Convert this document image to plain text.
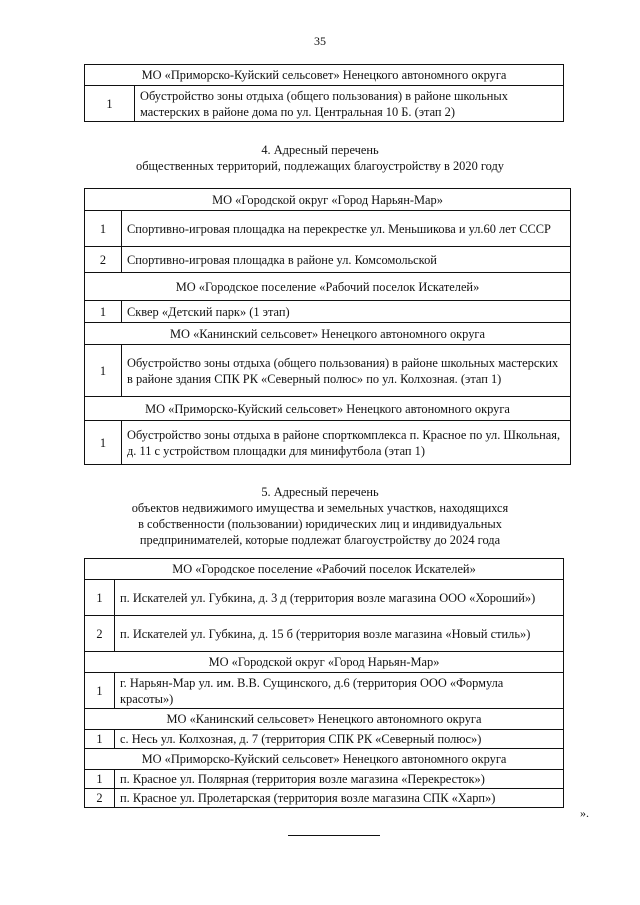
35
МО «Приморско-Куйский сельсовет» Ненецкого автономного округа
1	Обустройство зоны отдыха (общего пользования) в районе школьных мастерских в районе дома по ул. Центральная 10 Б. (этап 2)
4. Адресный перечень
общественных территорий, подлежащих благоустройству в 2020 году
МО «Городской округ «Город Нарьян-Мар»	
1	Спортивно-игровая площадка на перекрестке ул. Меньшикова и ул.60 лет СССР
2	Спортивно-игровая площадка в районе ул. Комсомольской
МО «Городское поселение «Рабочий поселок Искателей»	
1	Сквер «Детский парк» (1 этап)
МО «Канинский сельсовет» Ненецкого автономного округа	
1	Обустройство зоны отдыха (общего пользования) в районе школьных мастерских в районе здания СПК РК «Северный полюс» по ул. Колхозная. (этап 1)
МО «Приморско-Куйский сельсовет» Ненецкого автономного округа	
1	Обустройство зоны отдыха в районе спорткомплекса п. Красное по ул. Школьная, д. 11 с устройством площадки для минифутбола (этап 1)
5. Адресный перечень
объектов недвижимого имущества и земельных участков, находящихся
в собственности (пользовании) юридических лиц и индивидуальных
предпринимателей, которые подлежат благоустройству до 2024 года
МО «Городское поселение «Рабочий поселок Искателей»	
1	п. Искателей ул. Губкина, д. 3 д (территория возле магазина ООО «Хороший»)
2	п. Искателей ул. Губкина, д. 15 б (территория возле магазина «Новый стиль»)
МО «Городской округ «Город Нарьян-Мар»	
1	г. Нарьян-Мар ул. им. В.В. Сущинского, д.6 (территория ООО «Формула красоты»)
МО «Канинский сельсовет» Ненецкого автономного округа	
1	с. Несь ул. Колхозная, д. 7 (территория СПК РК «Северный полюс»)
МО «Приморско-Куйский сельсовет» Ненецкого автономного округа	
1	п. Красное ул. Полярная (территория возле магазина «Перекресток»)
2	п. Красное ул. Пролетарская (территория возле магазина СПК «Харп»)
».
